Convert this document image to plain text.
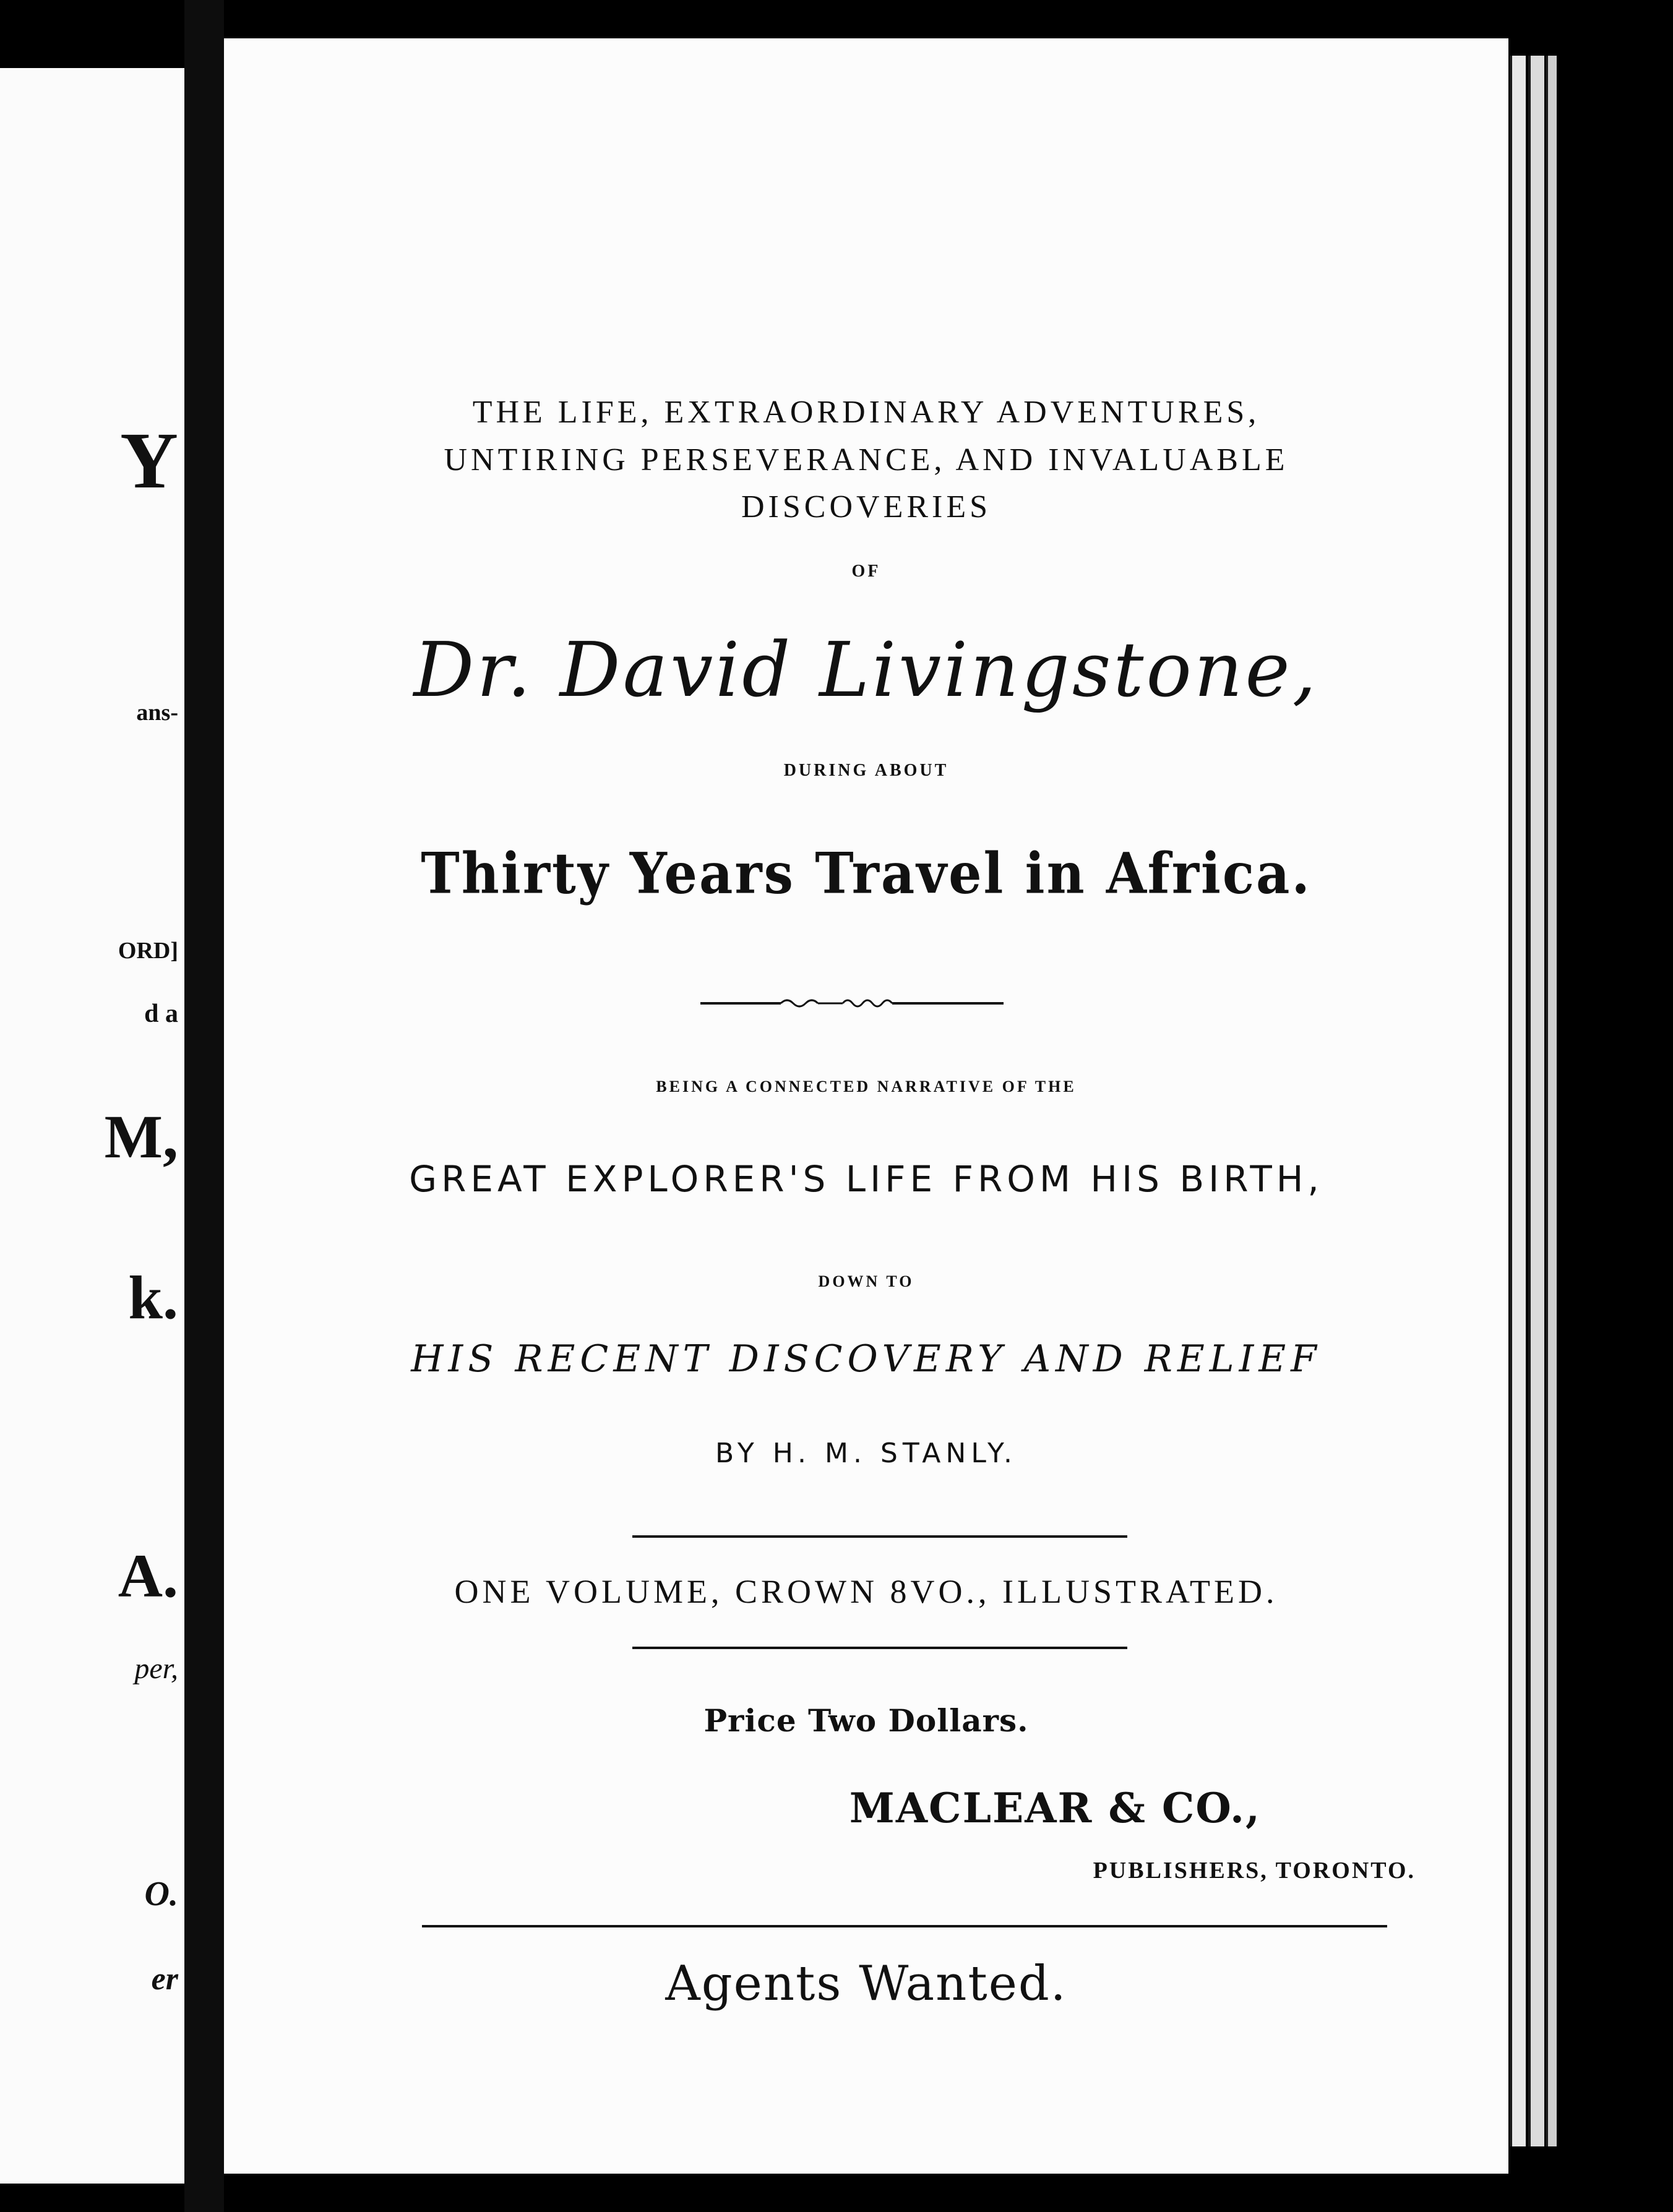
Y
ans-
ORD]
d a
M,
k.
A.
per,
O.
er
THE LIFE, EXTRAORDINARY ADVENTURES,
UNTIRING PERSEVERANCE, AND INVALUABLE
DISCOVERIES
OF
Dr. David Livingstone,
DURING ABOUT
Thirty Years Travel in Africa.
BEING A CONNECTED NARRATIVE OF THE
GREAT EXPLORER'S LIFE FROM HIS BIRTH,
DOWN TO
HIS RECENT DISCOVERY AND RELIEF
BY H. M. STANLY.
ONE VOLUME, CROWN 8VO., ILLUSTRATED.
Price Two Dollars.
MACLEAR & CO.,
PUBLISHERS, TORONTO.
Agents Wanted.
